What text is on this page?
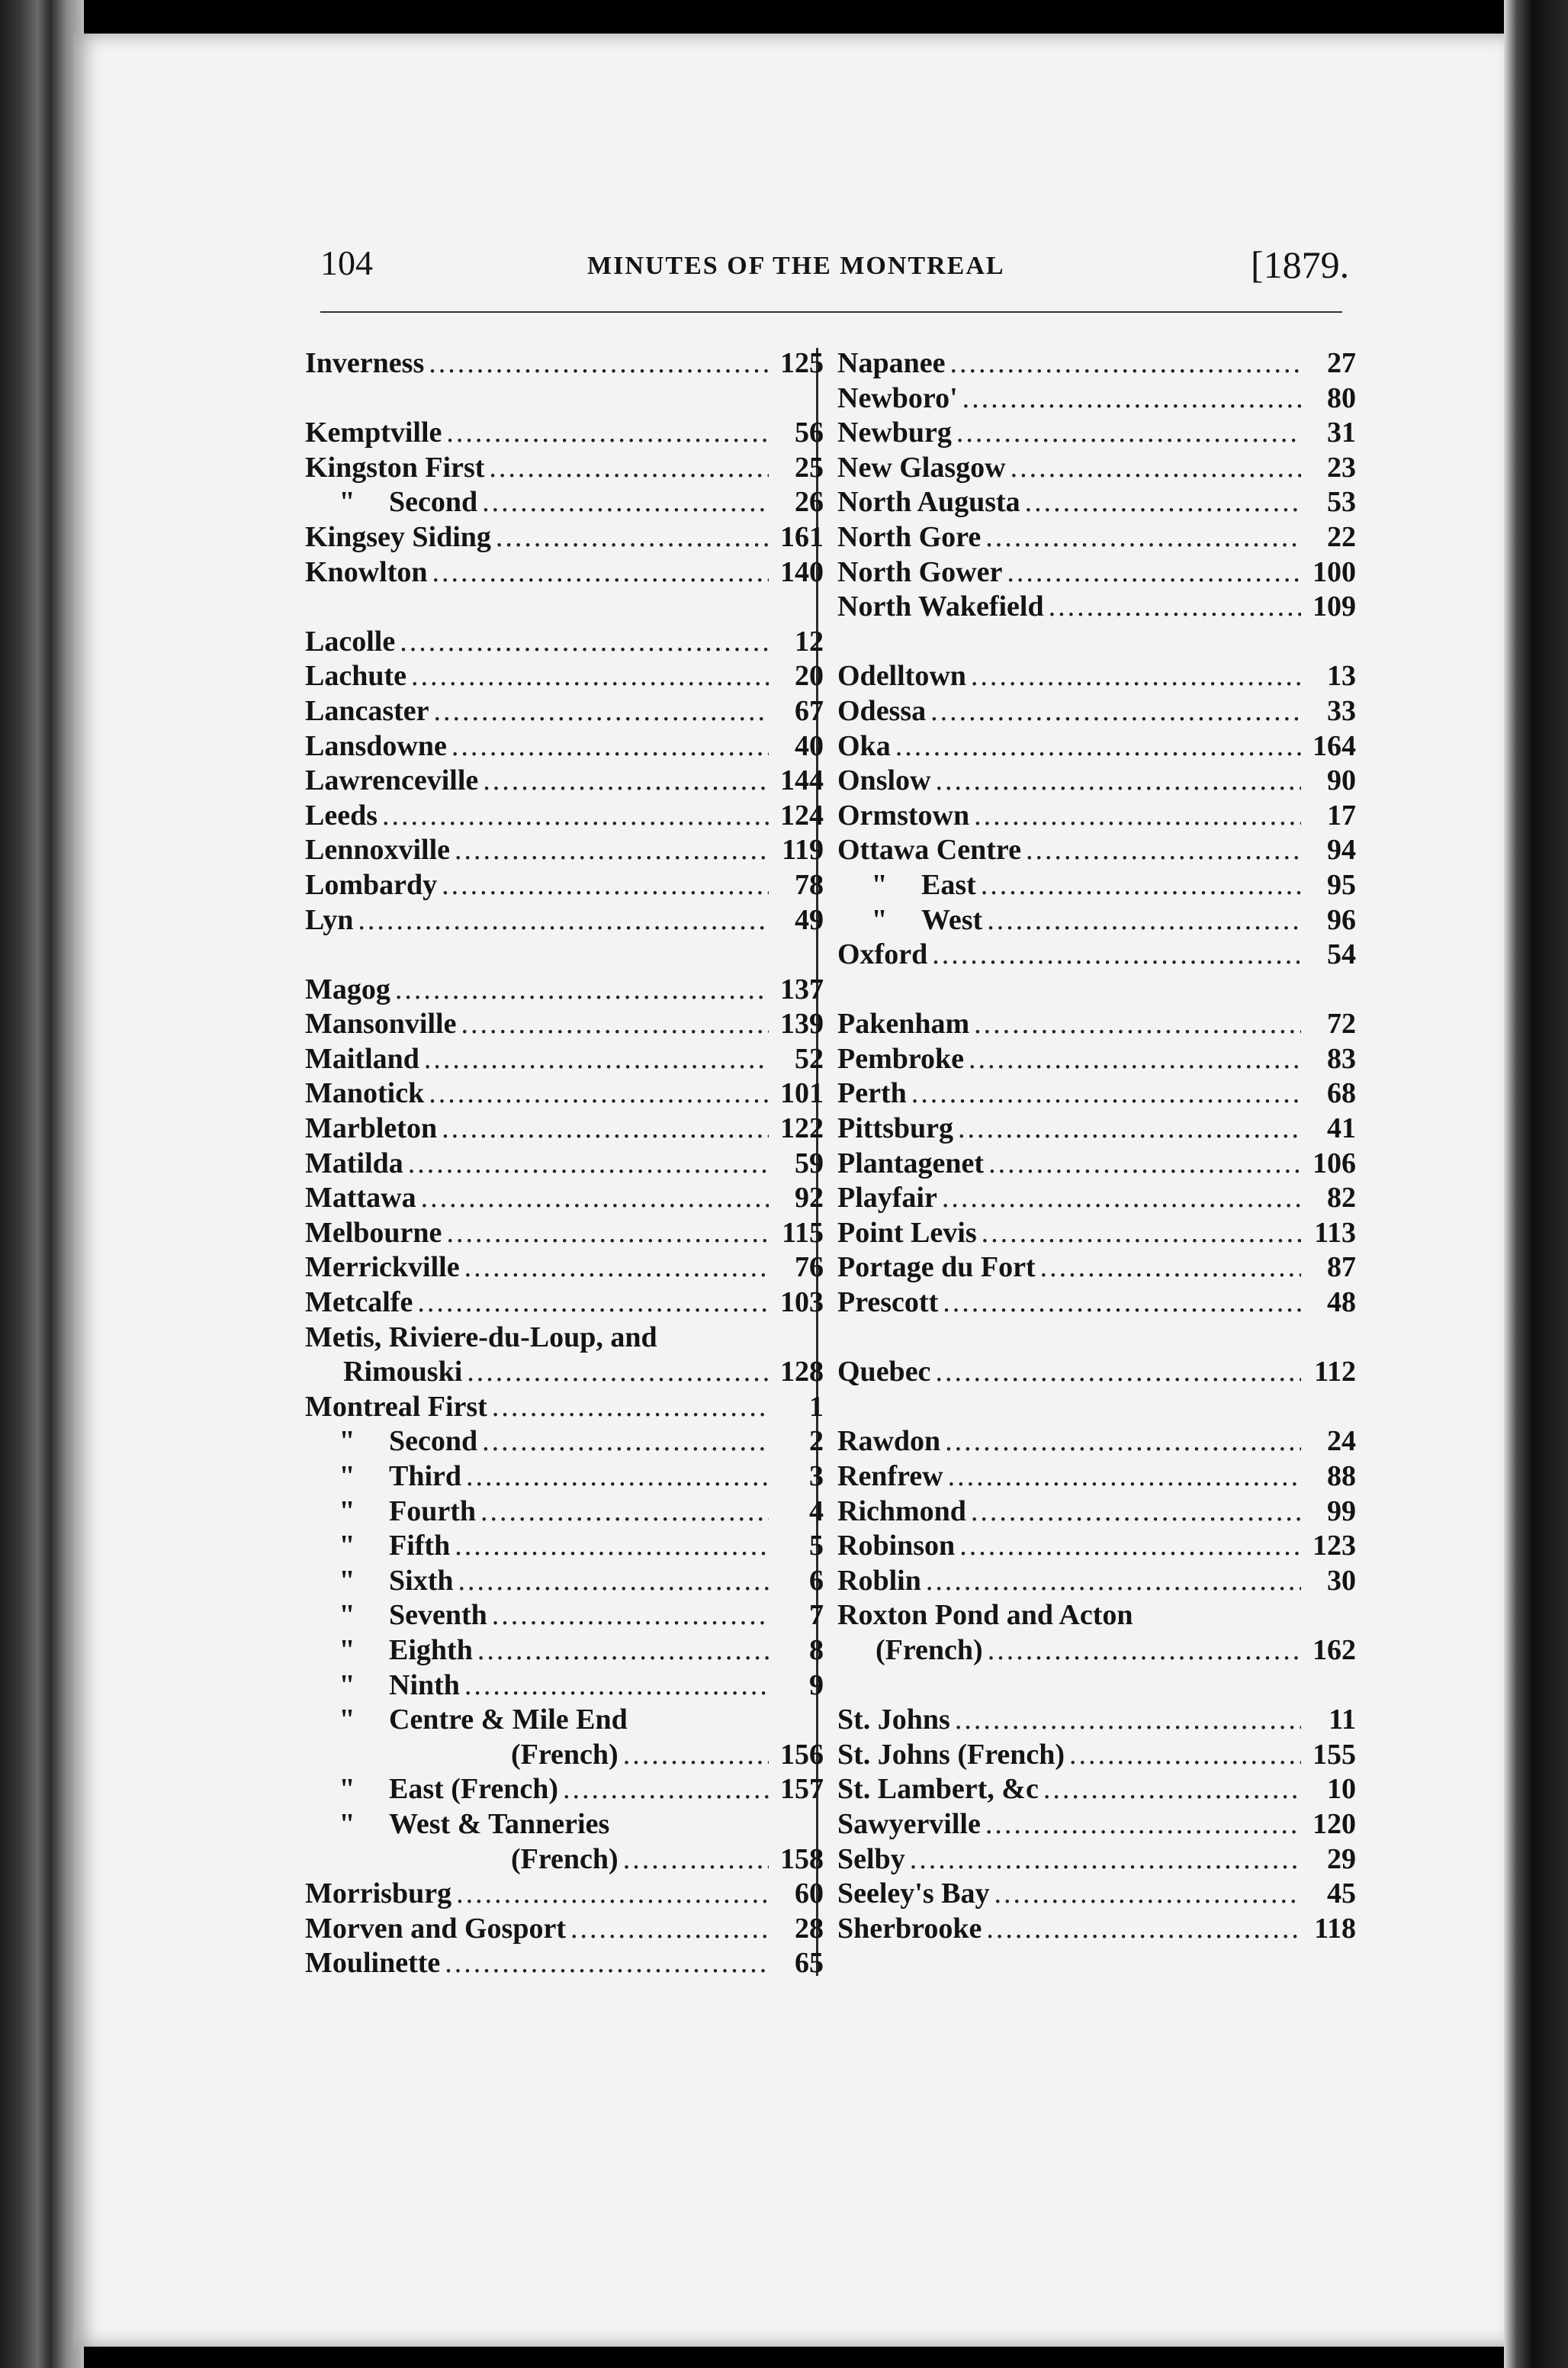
104	MINUTES OF THE MONTREAL	[1879.
Inverness .....	125
Kemptville .....	56
Kingston First .....	25
"	Second .....	26
Kingsey Siding .....	161
Knowlton .....	140
Lacolle .....	12
Lachute .....	20
Lancaster .....	67
Lansdowne .....	40
Lawrenceville .....	144
Leeds .....	124
Lennoxville .....	119
Lombardy .....	78
Lyn .....	49
Magog .....	137
Mansonville .....	139
Maitland .....	52
Manotick .....	101
Marbleton .....	122
Matilda .....	59
Mattawa .....	92
Melbourne .....	115
Merrickville .....	76
Metcalfe .....	103
Metis, Riviere-du-Loup, and
Rimouski .....	128
Montreal First .....	1
"	Second .....	2
"	Third .....	3
"	Fourth .....	4
"	Fifth .....	5
"	Sixth .....	6
"	Seventh .....	7
"	Eighth .....	8
"	Ninth .....	9
"	Centre & Mile End
(French) .....	156
"	East (French) .....	157
"	West & Tanneries
(French) .....	158
Morrisburg .....	60
Morven and Gosport .....	28
Moulinette .....	65
Napanee .....	27
Newboro' .....	80
Newburg .....	31
New Glasgow .....	23
North Augusta .....	53
North Gore .....	22
North Gower .....	100
North Wakefield .....	109
Odelltown .....	13
Odessa .....	33
Oka .....	164
Onslow .....	90
Ormstown .....	17
Ottawa Centre .....	94
"	East .....	95
"	West .....	96
Oxford .....	54
Pakenham .....	72
Pembroke .....	83
Perth .....	68
Pittsburg .....	41
Plantagenet .....	106
Playfair .....	82
Point Levis .....	113
Portage du Fort .....	87
Prescott .....	48
Quebec .....	112
Rawdon .....	24
Renfrew .....	88
Richmond .....	99
Robinson .....	123
Roblin .....	30
Roxton Pond and Acton
(French) .....	162
St. Johns .....	11
St. Johns (French) .....	155
St. Lambert, &c .....	10
Sawyerville .....	120
Selby .....	29
Seeley's Bay .....	45
Sherbrooke .....	118
